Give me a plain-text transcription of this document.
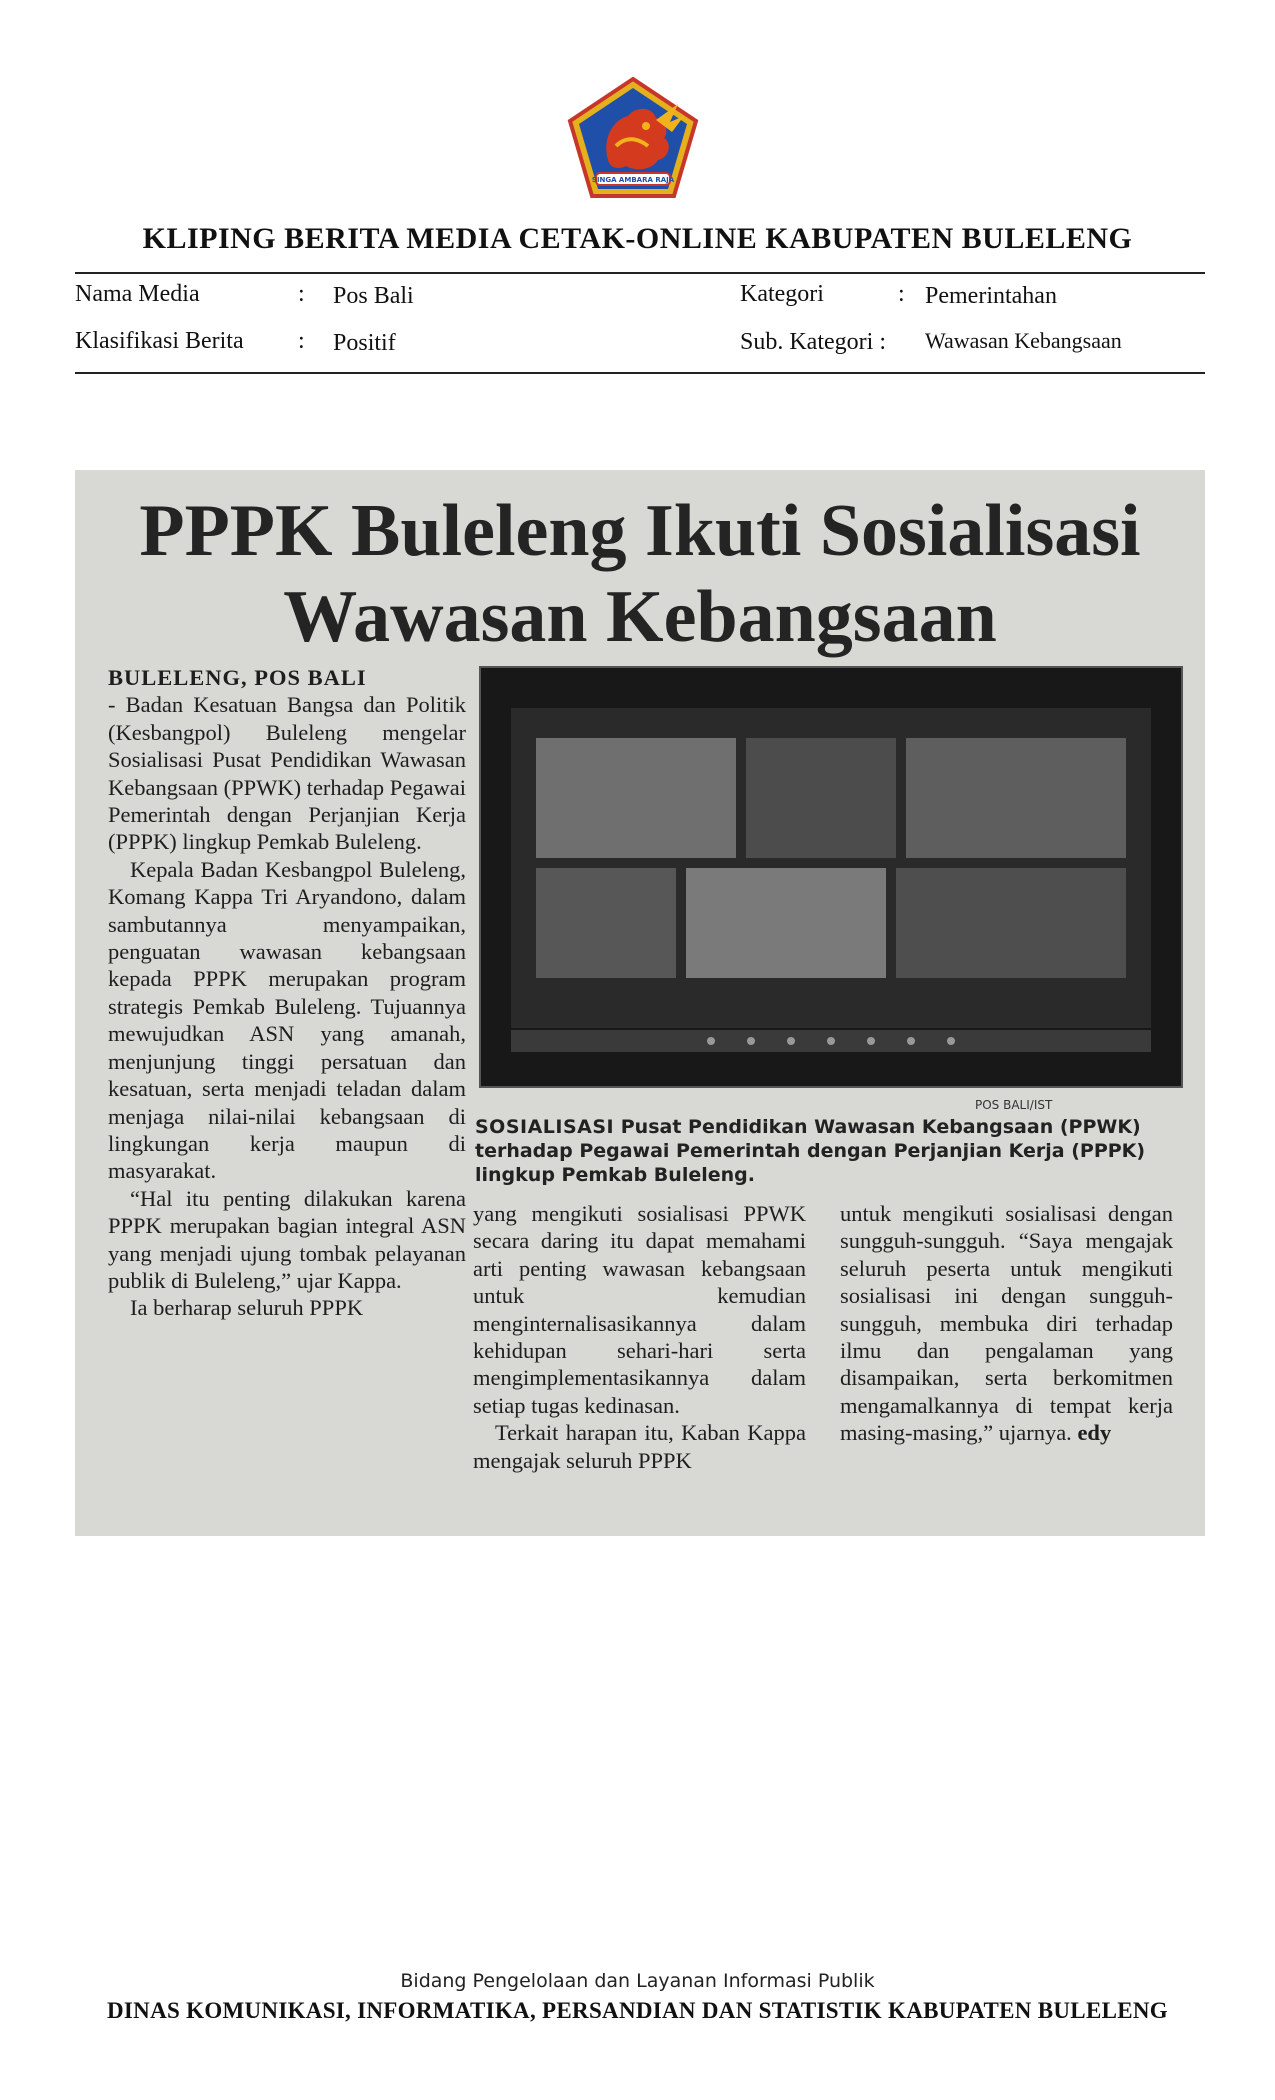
SINGA AMBARA RAJA
KLIPING BERITA MEDIA CETAK-ONLINE KABUPATEN BULELENG
Nama Media	: Pos Bali	Kategori	: Pemerintahan
Klasifikasi Berita : Positif	Sub. Kategori : Wawasan Kebangsaan
PPPK Buleleng Ikuti Sosialisasi
Wawasan Kebangsaan

BULELENG, POS BALI

- Badan Kesatuan Bangsa dan Politik (Kesbangpol) Buleleng mengelar Sosialisasi Pusat Pendidikan Wawasan Kebangsaan (PPWK) terhadap Pegawai Pemerintah dengan Perjanjian Kerja (PPPK) lingkup Pemkab Buleleng.

Kepala Badan Kesbangpol Buleleng, Komang Kappa Tri Aryandono, dalam sambutannya menyampaikan, penguatan wawasan kebangsaan kepada PPPK merupakan program strategis Pemkab Buleleng. Tujuannya mewujudkan ASN yang amanah, menjunjung tinggi persatuan dan kesatuan, serta menjadi teladan dalam menjaga nilai-nilai kebangsaan di lingkungan kerja maupun di masyarakat.

“Hal itu penting dilakukan karena PPPK merupakan bagian integral ASN yang menjadi ujung tombak pelayanan publik di Buleleng,” ujar Kappa.

Ia berharap seluruh PPPK

POS BALI/IST
SOSIALISASI Pusat Pendidikan Wawasan Kebangsaan (PPWK) terhadap Pegawai Pemerintah dengan Perjanjian Kerja (PPPK) lingkup Pemkab Buleleng.

yang mengikuti sosialisasi PPWK secara daring itu dapat memahami arti penting wawasan kebangsaan untuk kemudian menginternalisasikannya dalam kehidupan sehari-hari serta mengimplementasikannya dalam setiap tugas kedinasan.

Terkait harapan itu, Kaban Kappa mengajak seluruh PPPK

untuk mengikuti sosialisasi dengan sungguh-sungguh. “Saya mengajak seluruh peserta untuk mengikuti sosialisasi ini dengan sungguh-sungguh, membuka diri terhadap ilmu dan pengalaman yang disampaikan, serta berkomitmen mengamalkannya di tempat kerja masing-masing,” ujarnya. edy

Bidang Pengelolaan dan Layanan Informasi Publik
DINAS KOMUNIKASI, INFORMATIKA, PERSANDIAN DAN STATISTIK KABUPATEN BULELENG
